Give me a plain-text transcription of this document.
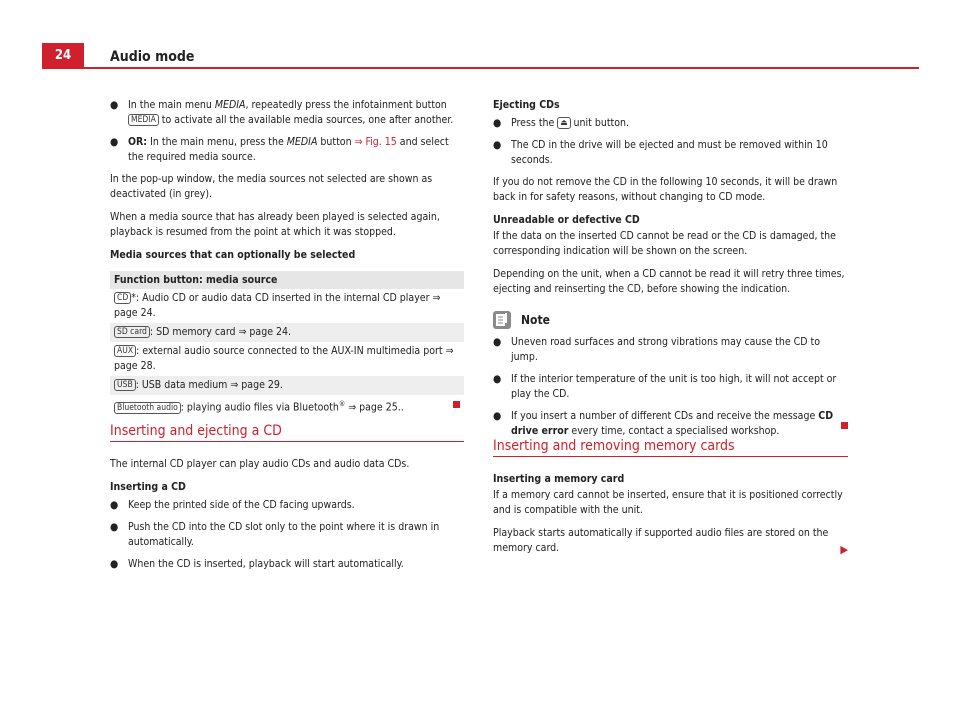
24	Audio mode
● In the main menu MEDIA, repeatedly press the infotainment button MEDIA to activate all the available media sources, one after another.
● OR: In the main menu, press the MEDIA button ⇒ Fig. 15 and select the required media source.

In the pop-up window, the media sources not selected are shown as deactivated (in grey).

When a media source that has already been played is selected again, playback is resumed from the point at which it was stopped.

Media sources that can optionally be selected

Function button: media source
CD *: Audio CD or audio data CD inserted in the internal CD player ⇒ page 24.
SD card : SD memory card ⇒ page 24.
AUX : external audio source connected to the AUX-IN multimedia port ⇒ page 28.
USB : USB data medium ⇒ page 29.
Bluetooth audio : playing audio files via Bluetooth® ⇒ page 25..
Inserting and ejecting a CD

The internal CD player can play audio CDs and audio data CDs.

Inserting a CD

● Keep the printed side of the CD facing upwards.
● Push the CD into the CD slot only to the point where it is drawn in automatically.
● When the CD is inserted, playback will start automatically.

Ejecting CDs

● Press the ⏏ unit button.
● The CD in the drive will be ejected and must be removed within 10 seconds.

If you do not remove the CD in the following 10 seconds, it will be drawn back in for safety reasons, without changing to CD mode.

Unreadable or defective CD

If the data on the inserted CD cannot be read or the CD is damaged, the corresponding indication will be shown on the screen.

Depending on the unit, when a CD cannot be read it will retry three times, ejecting and reinserting the CD, before showing the indication.

Note
● Uneven road surfaces and strong vibrations may cause the CD to jump.
● If the interior temperature of the unit is too high, it will not accept or play the CD.
● If you insert a number of different CDs and receive the message CD drive error every time, contact a specialised workshop.
Inserting and removing memory cards

Inserting a memory card

If a memory card cannot be inserted, ensure that it is positioned correctly and is compatible with the unit.

Playback starts automatically if supported audio files are stored on the memory card.	▶
